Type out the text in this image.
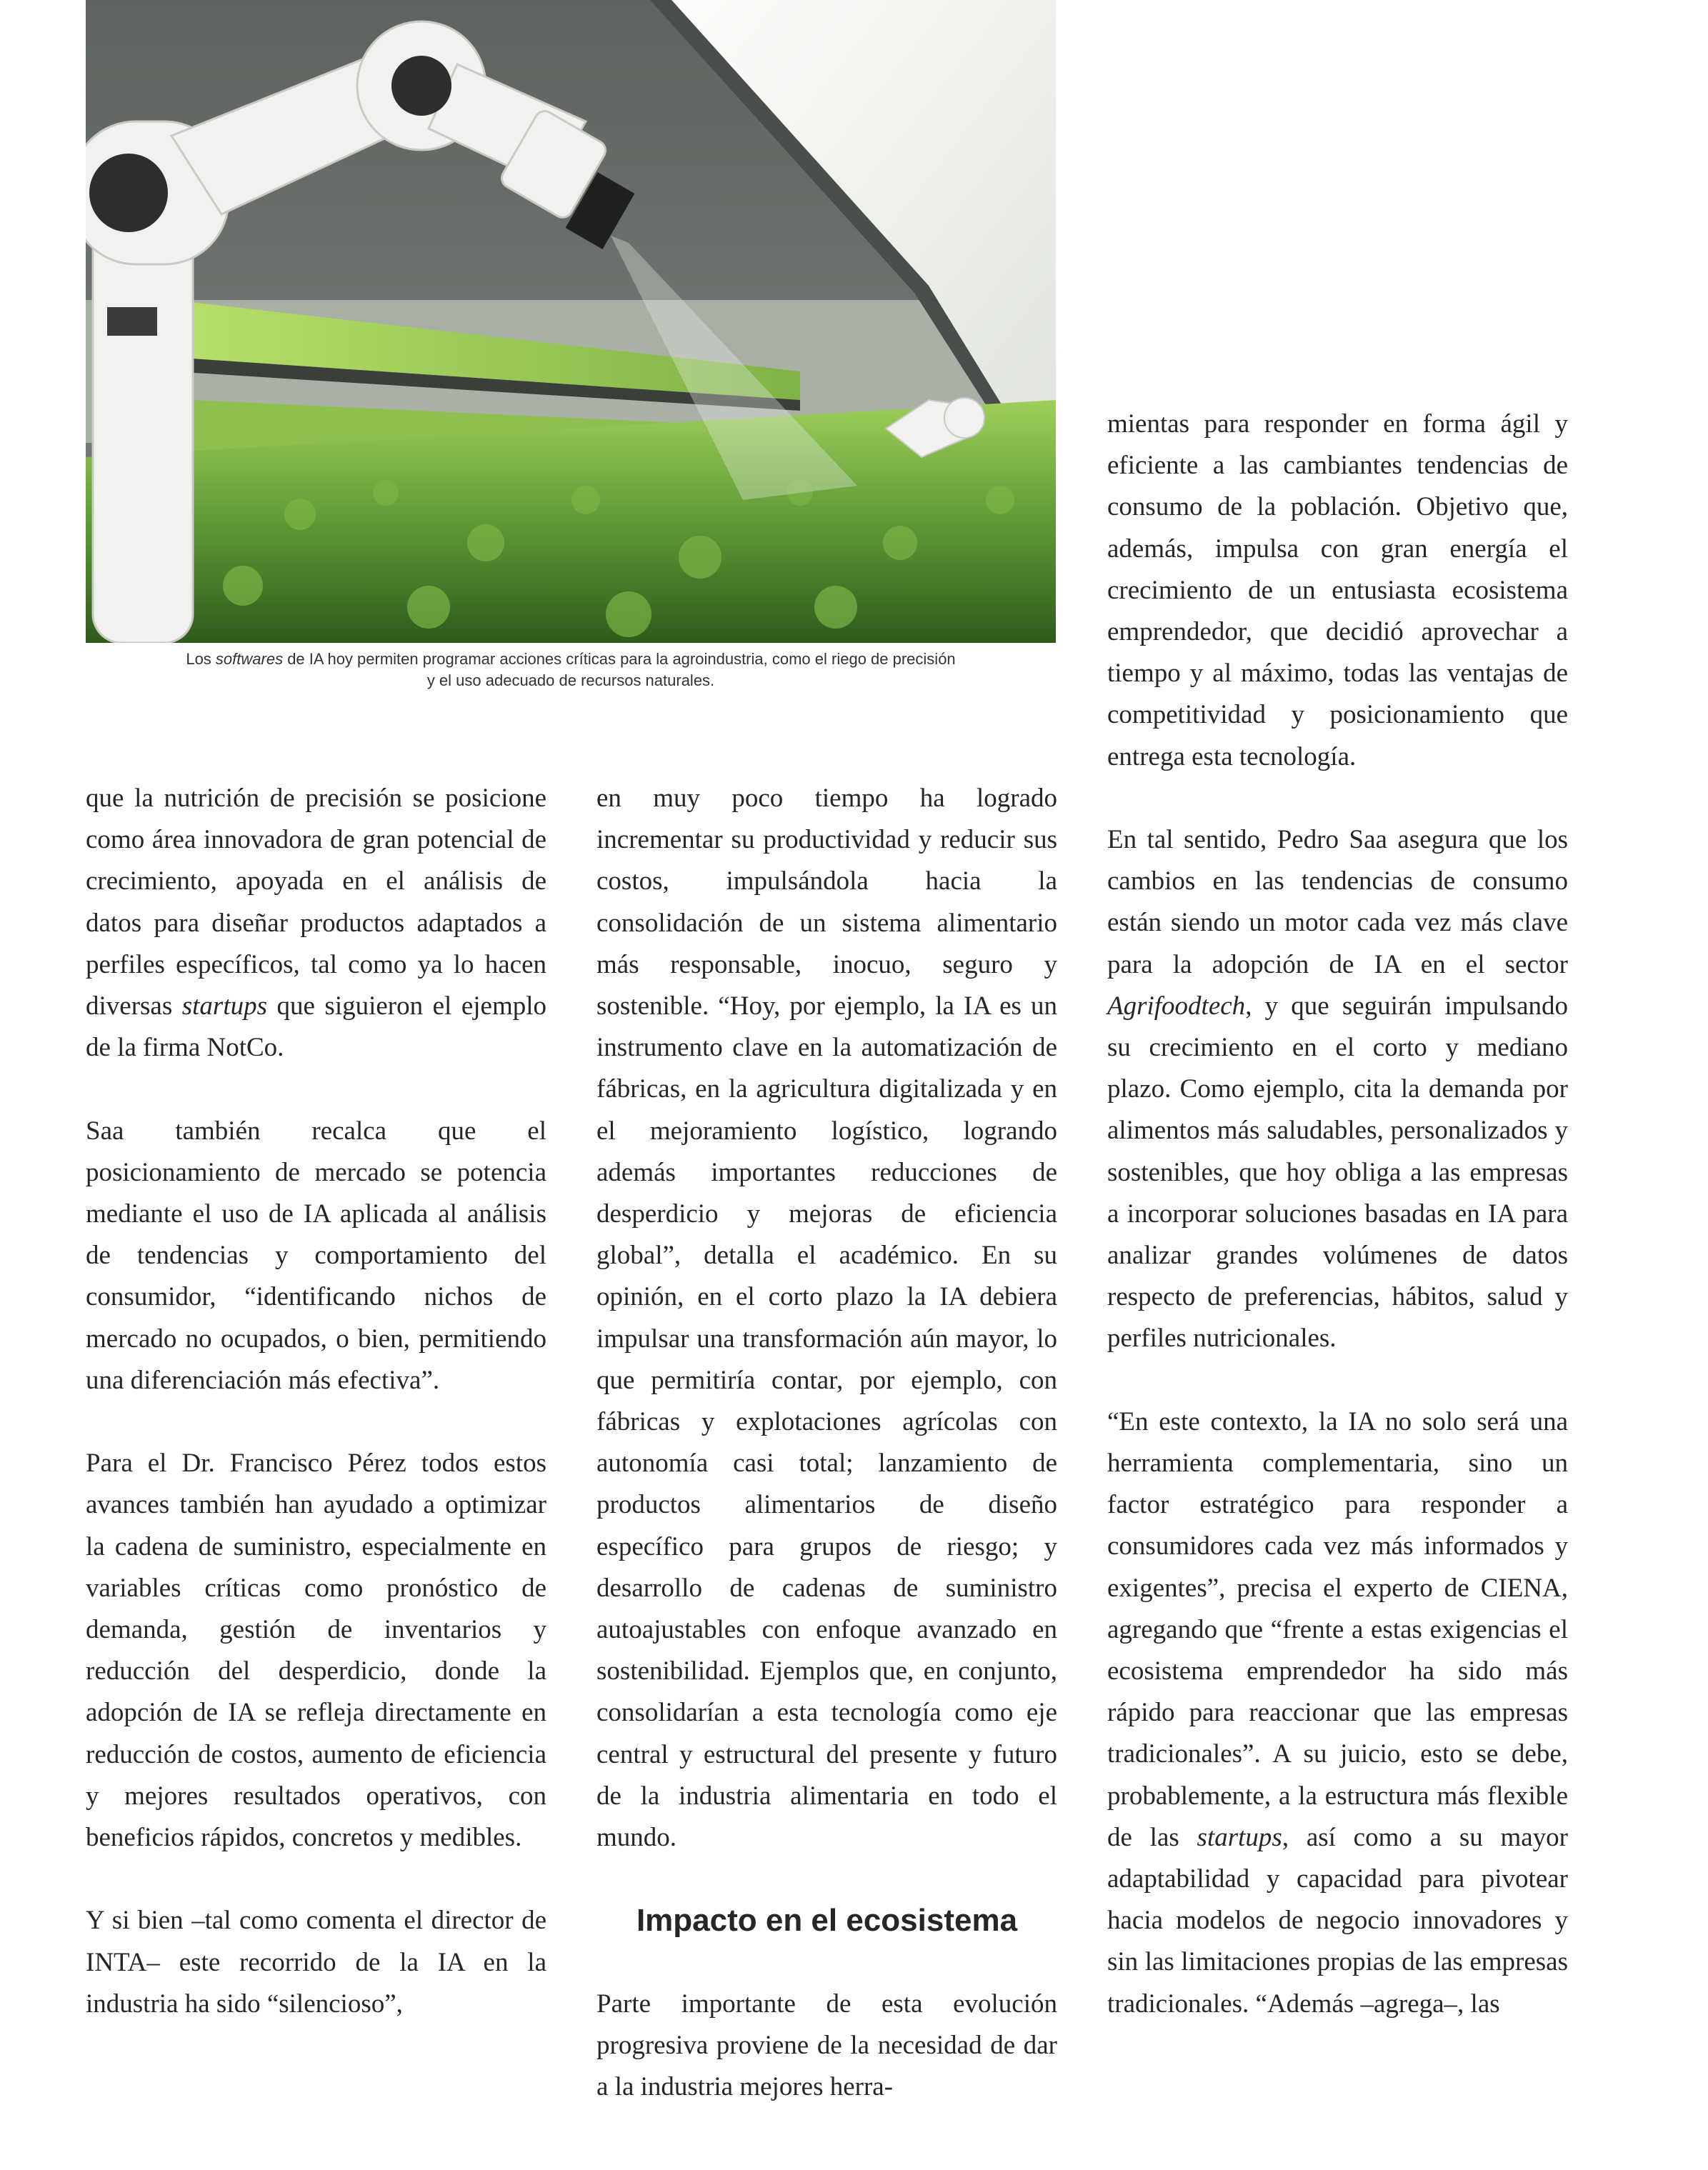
Los softwares de IA hoy permiten programar acciones críticas para la agroindustria, como el riego de precisión
y el uso adecuado de recursos naturales.

que la nutrición de precisión se posicione como área innovadora de gran potencial de crecimiento, apoyada en el análisis de datos para diseñar productos adaptados a perfiles específicos, tal como ya lo hacen diversas startups que siguieron el ejemplo de la firma NotCo.

Saa también recalca que el posicionamiento de mercado se potencia mediante el uso de IA aplicada al análisis de tendencias y comportamiento del consumidor, “identificando nichos de mercado no ocupados, o bien, permitiendo una diferenciación más efectiva”.

Para el Dr. Francisco Pérez todos estos avances también han ayudado a optimizar la cadena de suministro, especialmente en variables críticas como pronóstico de demanda, gestión de inventarios y reducción del desperdicio, donde la adopción de IA se refleja directamente en reducción de costos, aumento de eficiencia y mejores resultados operativos, con beneficios rápidos, concretos y medibles.

Y si bien –tal como comenta el director de INTA– este recorrido de la IA en la industria ha sido “silencioso”,

en muy poco tiempo ha logrado incrementar su productividad y reducir sus costos, impulsándola hacia la consolidación de un sistema alimentario más responsable, inocuo, seguro y sostenible. “Hoy, por ejemplo, la IA es un instrumento clave en la automatización de fábricas, en la agricultura digitalizada y en el mejoramiento logístico, logrando además importantes reducciones de desperdicio y mejoras de eficiencia global”, detalla el académico. En su opinión, en el corto plazo la IA debiera impulsar una transformación aún mayor, lo que permitiría contar, por ejemplo, con fábricas y explotaciones agrícolas con autonomía casi total; lanzamiento de productos alimentarios de diseño específico para grupos de riesgo; y desarrollo de cadenas de suministro autoajustables con enfoque avanzado en sostenibilidad. Ejemplos que, en conjunto, consolidarían a esta tecnología como eje central y estructural del presente y futuro de la industria alimentaria en todo el mundo.

Impacto en el ecosistema

Parte importante de esta evolución progresiva proviene de la necesidad de dar a la industria mejores herra-

mientas para responder en forma ágil y eficiente a las cambiantes tendencias de consumo de la población. Objetivo que, además, impulsa con gran energía el crecimiento de un entusiasta ecosistema emprendedor, que decidió aprovechar a tiempo y al máximo, todas las ventajas de competitividad y posicionamiento que entrega esta tecnología.

En tal sentido, Pedro Saa asegura que los cambios en las tendencias de consumo están siendo un motor cada vez más clave para la adopción de IA en el sector Agrifoodtech, y que seguirán impulsando su crecimiento en el corto y mediano plazo. Como ejemplo, cita la demanda por alimentos más saludables, personalizados y sostenibles, que hoy obliga a las empresas a incorporar soluciones basadas en IA para analizar grandes volúmenes de datos respecto de preferencias, hábitos, salud y perfiles nutricionales.

“En este contexto, la IA no solo será una herramienta complementaria, sino un factor estratégico para responder a consumidores cada vez más informados y exigentes”, precisa el experto de CIENA, agregando que “frente a estas exigencias el ecosistema emprendedor ha sido más rápido para reaccionar que las empresas tradicionales”. A su juicio, esto se debe, probablemente, a la estructura más flexible de las startups, así como a su mayor adaptabilidad y capacidad para pivotear hacia modelos de negocio innovadores y sin las limitaciones propias de las empresas tradicionales. “Además –agrega–, las
